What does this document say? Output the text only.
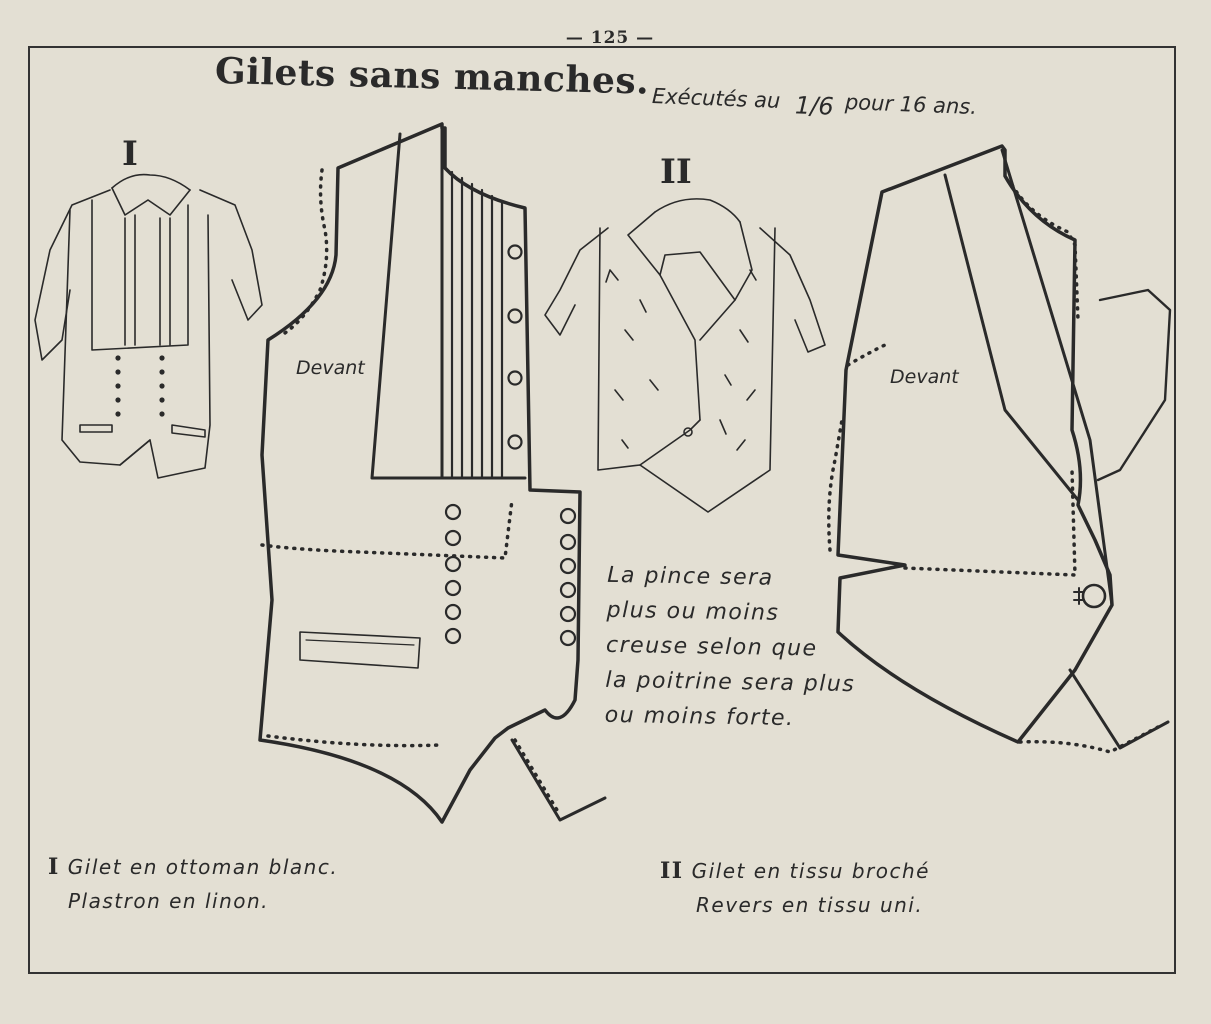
— 125 —
Gilets sans manches. Exécutés au 1/6 pour 16 ans.
I	II
Devant	Devant
La pince sera
plus ou moins
creuse selon que
la poitrine sera plus
ou moins forte.
I Gilet en ottoman blanc.
Plastron en linon.
II Gilet en tissu broché
Revers en tissu uni.
